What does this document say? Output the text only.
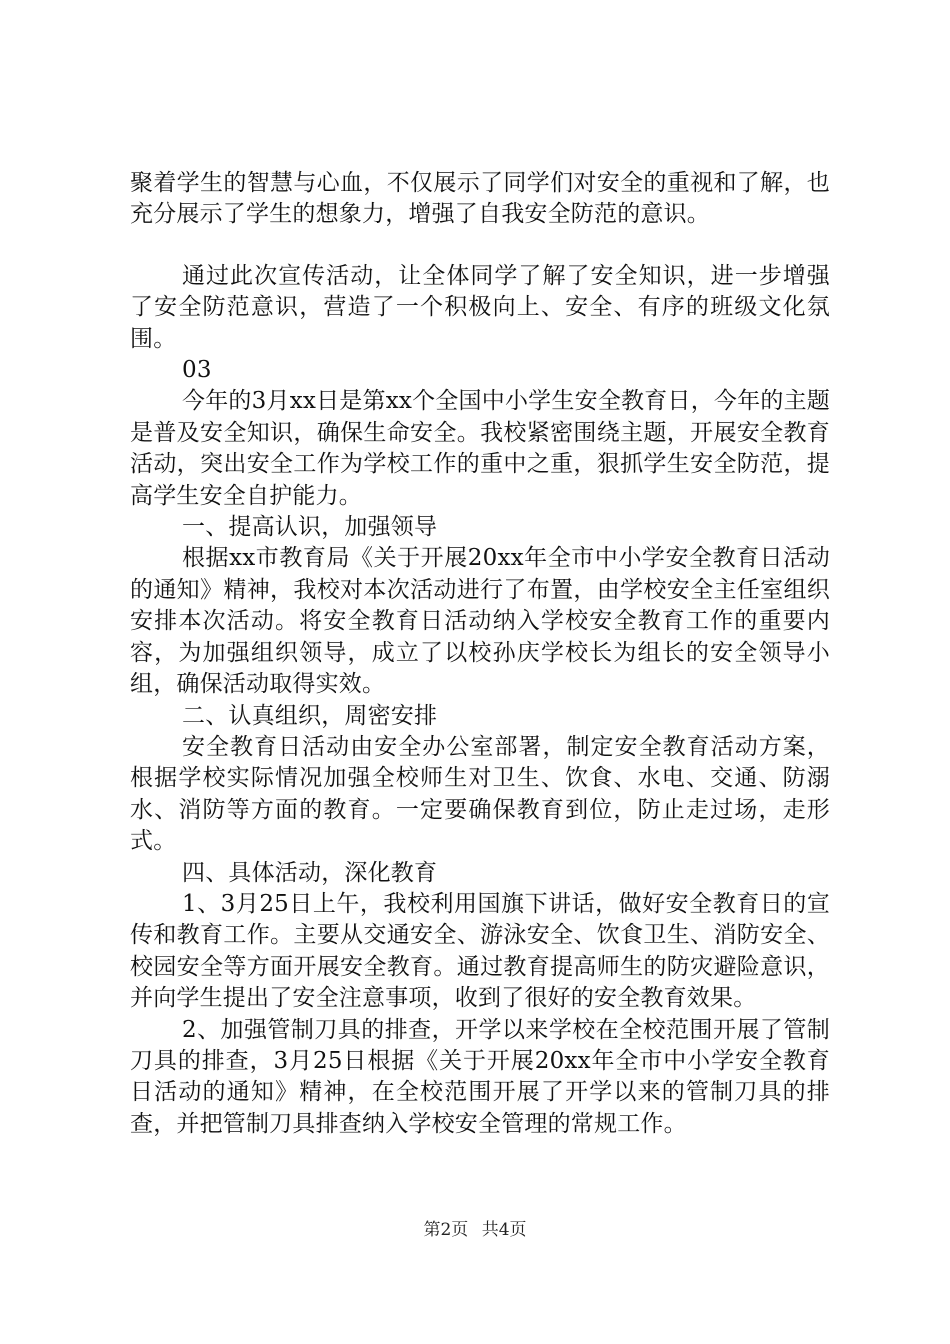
聚着学生的智慧与心血，不仅展示了同学们对安全的重视和了解，也充分展示了学生的想象力，增强了自我安全防范的意识。

通过此次宣传活动，让全体同学了解了安全知识，进一步增强了安全防范意识，营造了一个积极向上、安全、有序的班级文化氛围。

03

今年的3月xx日是第xx个全国中小学生安全教育日，今年的主题是普及安全知识，确保生命安全。我校紧密围绕主题，开展安全教育活动，突出安全工作为学校工作的重中之重，狠抓学生安全防范，提高学生安全自护能力。

一、提高认识，加强领导

根据xx市教育局《关于开展20xx年全市中小学安全教育日活动的通知》精神，我校对本次活动进行了布置，由学校安全主任室组织安排本次活动。将安全教育日活动纳入学校安全教育工作的重要内容，为加强组织领导，成立了以校孙庆学校长为组长的安全领导小组，确保活动取得实效。

二、认真组织，周密安排

安全教育日活动由安全办公室部署，制定安全教育活动方案，根据学校实际情况加强全校师生对卫生、饮食、水电、交通、防溺水、消防等方面的教育。一定要确保教育到位，防止走过场，走形式。

四、具体活动，深化教育

1、3月25日上午，我校利用国旗下讲话，做好安全教育日的宣传和教育工作。主要从交通安全、游泳安全、饮食卫生、消防安全、校园安全等方面开展安全教育。通过教育提高师生的防灾避险意识，并向学生提出了安全注意事项，收到了很好的安全教育效果。

2、加强管制刀具的排查，开学以来学校在全校范围开展了管制刀具的排查，3月25日根据《关于开展20xx年全市中小学安全教育日活动的通知》精神，在全校范围开展了开学以来的管制刀具的排查，并把管制刀具排查纳入学校安全管理的常规工作。

第2页 共4页
